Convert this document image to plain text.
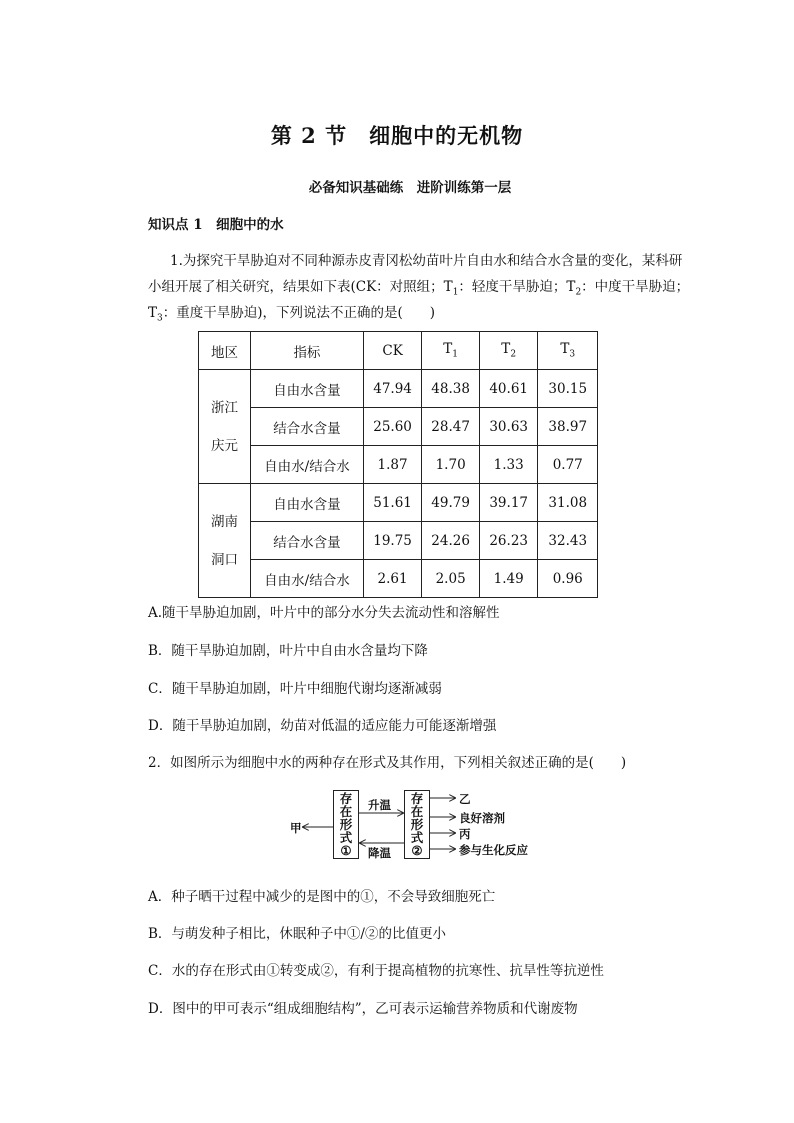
第 2 节　细胞中的无机物
必备知识基础练　进阶训练第一层
知识点 1　细胞中的水
1.为探究干旱胁迫对不同种源赤皮青冈松幼苗叶片自由水和结合水含量的变化，某科研
小组开展了相关研究，结果如下表(CK：对照组；$T_1$：轻度干旱胁迫；$T_2$：中度干旱胁迫；
$T_3$：重度干旱胁迫)，下列说法不正确的是(　　)
地区	指标	CK	$T_1$	$T_2$	$T_3$
浙江
庆元	自由水含量	47.94	48.38	40.61	30.15
	结合水含量	25.60	28.47	30.63	38.97
	自由水/结合水	1.87	1.70	1.33	0.77
湖南
洞口	自由水含量	51.61	49.79	39.17	31.08
	结合水含量	19.75	24.26	26.23	32.43
	自由水/结合水	2.61	2.05	1.49	0.96
A.随干旱胁迫加剧，叶片中的部分水分失去流动性和溶解性
B．随干旱胁迫加剧，叶片中自由水含量均下降
C．随干旱胁迫加剧，叶片中细胞代谢均逐渐减弱
D．随干旱胁迫加剧，幼苗对低温的适应能力可能逐渐增强
2．如图所示为细胞中水的两种存在形式及其作用，下列相关叙述正确的是(　　)
甲
存
在
形
式
①
升温
降温
存
在
形
式
②
乙
良好溶剂
丙
参与生化反应
A．种子晒干过程中减少的是图中的①，不会导致细胞死亡
B．与萌发种子相比，休眠种子中①/②的比值更小
C．水的存在形式由①转变成②，有利于提高植物的抗寒性、抗旱性等抗逆性
D．图中的甲可表示“组成细胞结构”，乙可表示运输营养物质和代谢废物
